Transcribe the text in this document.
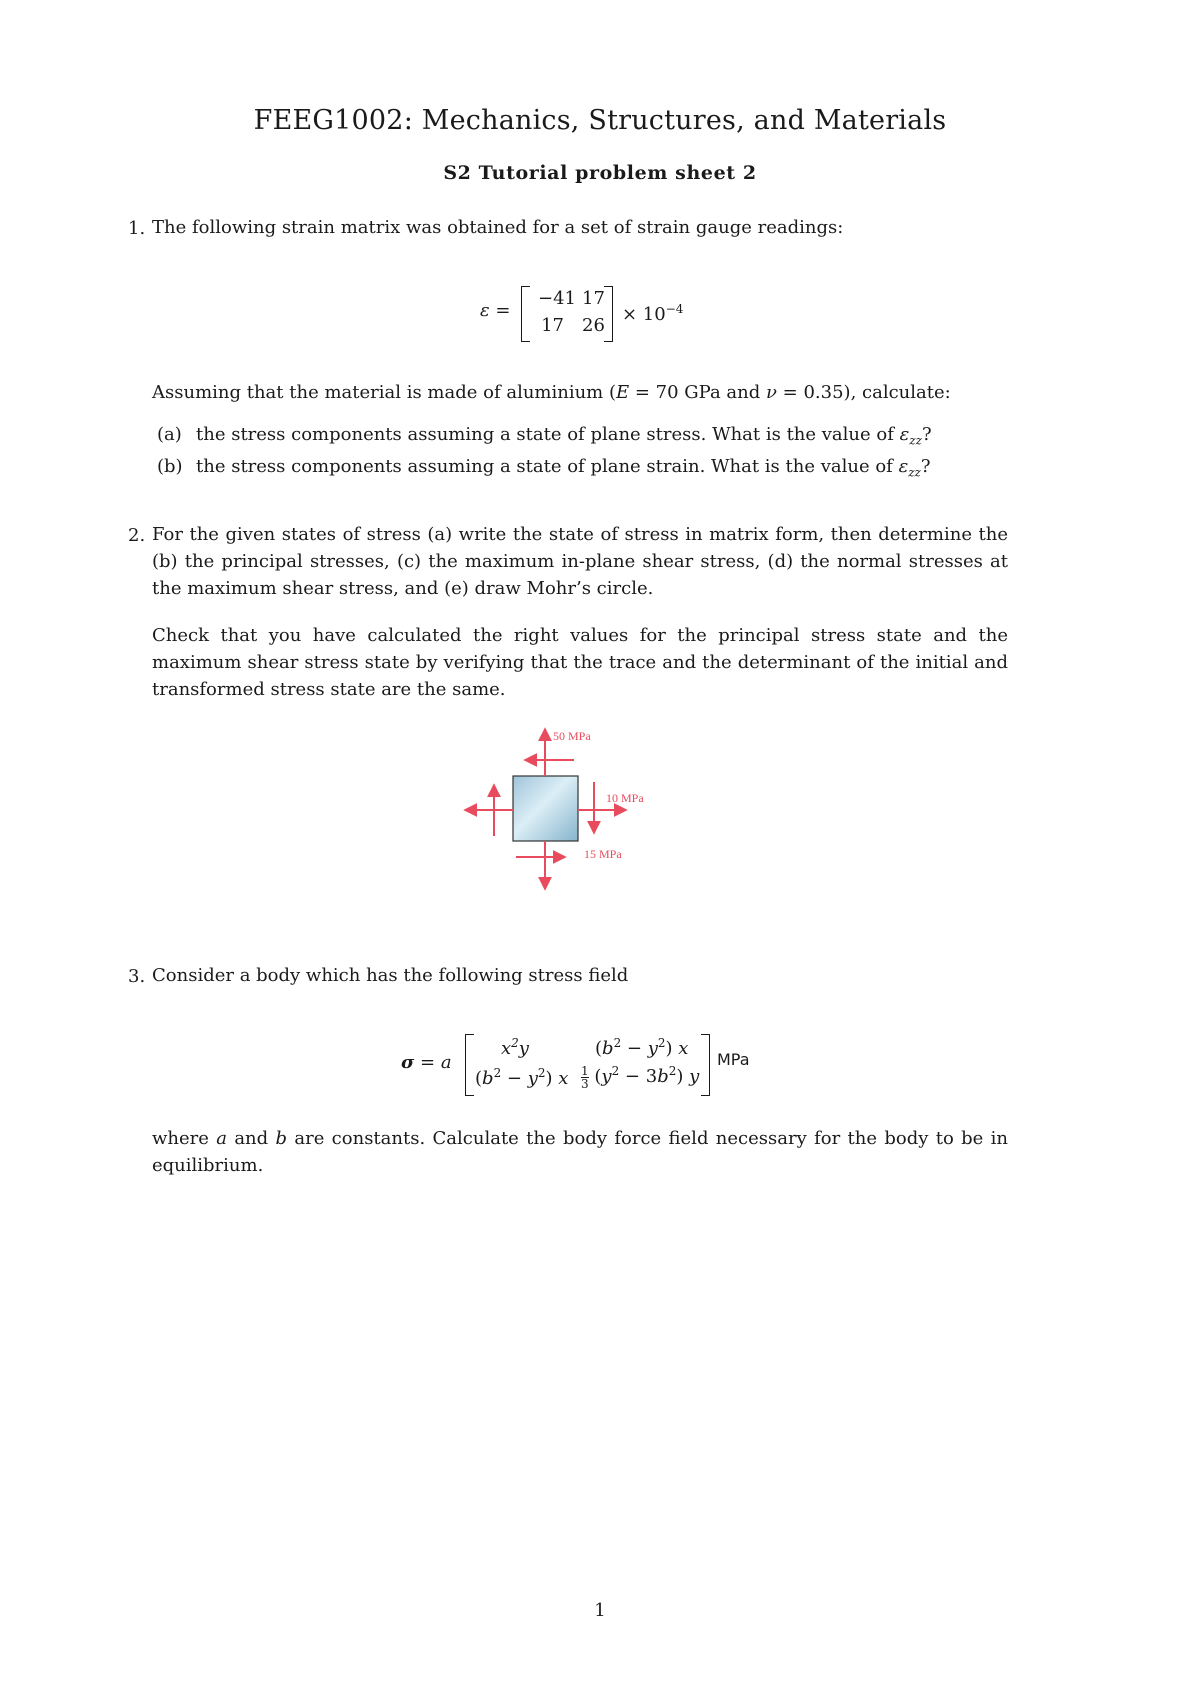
FEEG1002: Mechanics, Structures, and Materials
S2 Tutorial problem sheet 2
1. The following strain matrix was obtained for a set of strain gauge readings:
ε =
−41 17
17 26
× $10^{-4}$
Assuming that the material is made of aluminium (E = 70 GPa and ν = 0.35), calculate:
(a) the stress components assuming a state of plane stress. What is the value of $\varepsilon_{zz}$?
(b) the stress components assuming a state of plane strain. What is the value of $\varepsilon_{zz}$?
2. For the given states of stress (a) write the state of stress in matrix form, then determine the (b) the principal stresses, (c) the maximum in-plane shear stress, (d) the normal stresses at the maximum shear stress, and (e) draw Mohr’s circle.
Check that you have calculated the right values for the principal stress state and the maximum shear stress state by verifying that the trace and the determinant of the initial and transformed stress state are the same.
50 MPa
10 MPa
15 MPa
3. Consider a body which has the following stress field
σ = a
$x^2y$	$(b^2 - y^2)$ x
$(b^2 - y^2)$ x $\frac{1}{3} (y^2 - 3b^2)$ y
MPa
where a and b are constants. Calculate the body force field necessary for the body to be in equilibrium.
1
